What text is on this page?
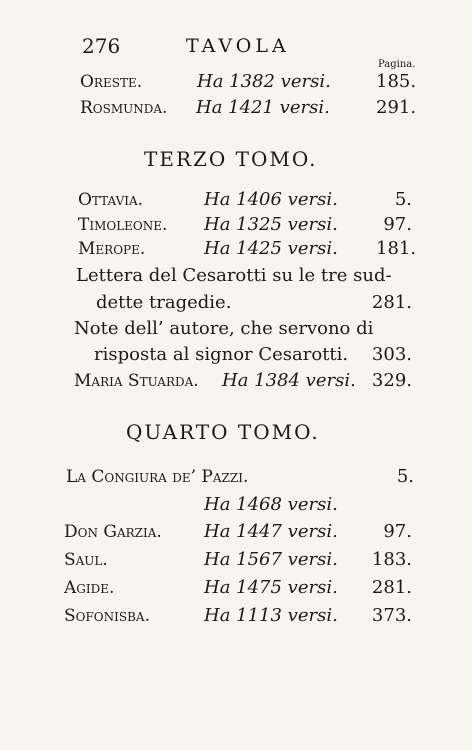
276	TAVOLA
Pagina.
Oreste.	Ha 1382 versi.	185.
Rosmunda. Ha 1421 versi.	291.
TERZO TOMO.
Ottavia.	Ha 1406 versi.	5.
Timoleone. Ha 1325 versi.	97.
Merope.	Ha 1425 versi. 181.
Lettera del Cesarotti su le tre sud-
dette tragedie.	281.
Note dell’ autore, che servono di
risposta al signor Cesarotti. 303.
Maria Stuarda. Ha 1384 versi. 329.
QUARTO TOMO.
La Congiura de’ Pazzi.	5.
Ha 1468 versi.
Don Garzia. Ha 1447 versi.	97.
Saul.	Ha 1567 versi. 183.
Agide.	Ha 1475 versi. 281.
Sofonisba.	Ha 1113 versi. 373.
